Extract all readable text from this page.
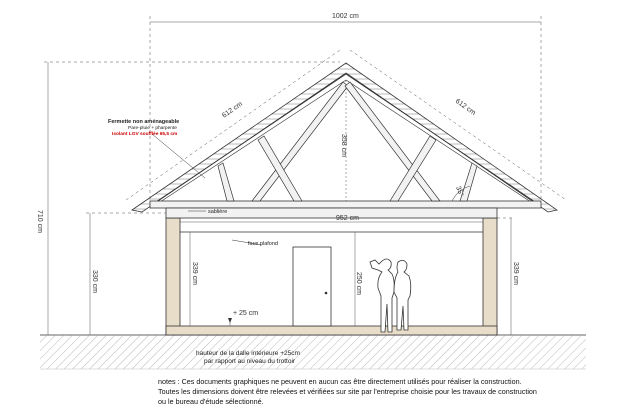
1002 cm
710 cm
330 cm	339 cm	339 cm
612 cm	612 cm
358 cm
952 cm
250 cm
35°
+ 25 cm
Fermette non aménageable
Pare-pluie + pharpente
Isolant LGV soufflée 65,5 cm
sablière
faux plafond
hauteur de la dalle intérieure +25cm
par rapport au niveau du trottoir
notes : Ces documents graphiques ne peuvent en aucun cas être directement utilisés pour réaliser la construction.
Toutes les dimensions doivent être relevées et vérifiées sur site par l'entreprise choisie pour les travaux de construction
ou le bureau d'étude sélectionné.
